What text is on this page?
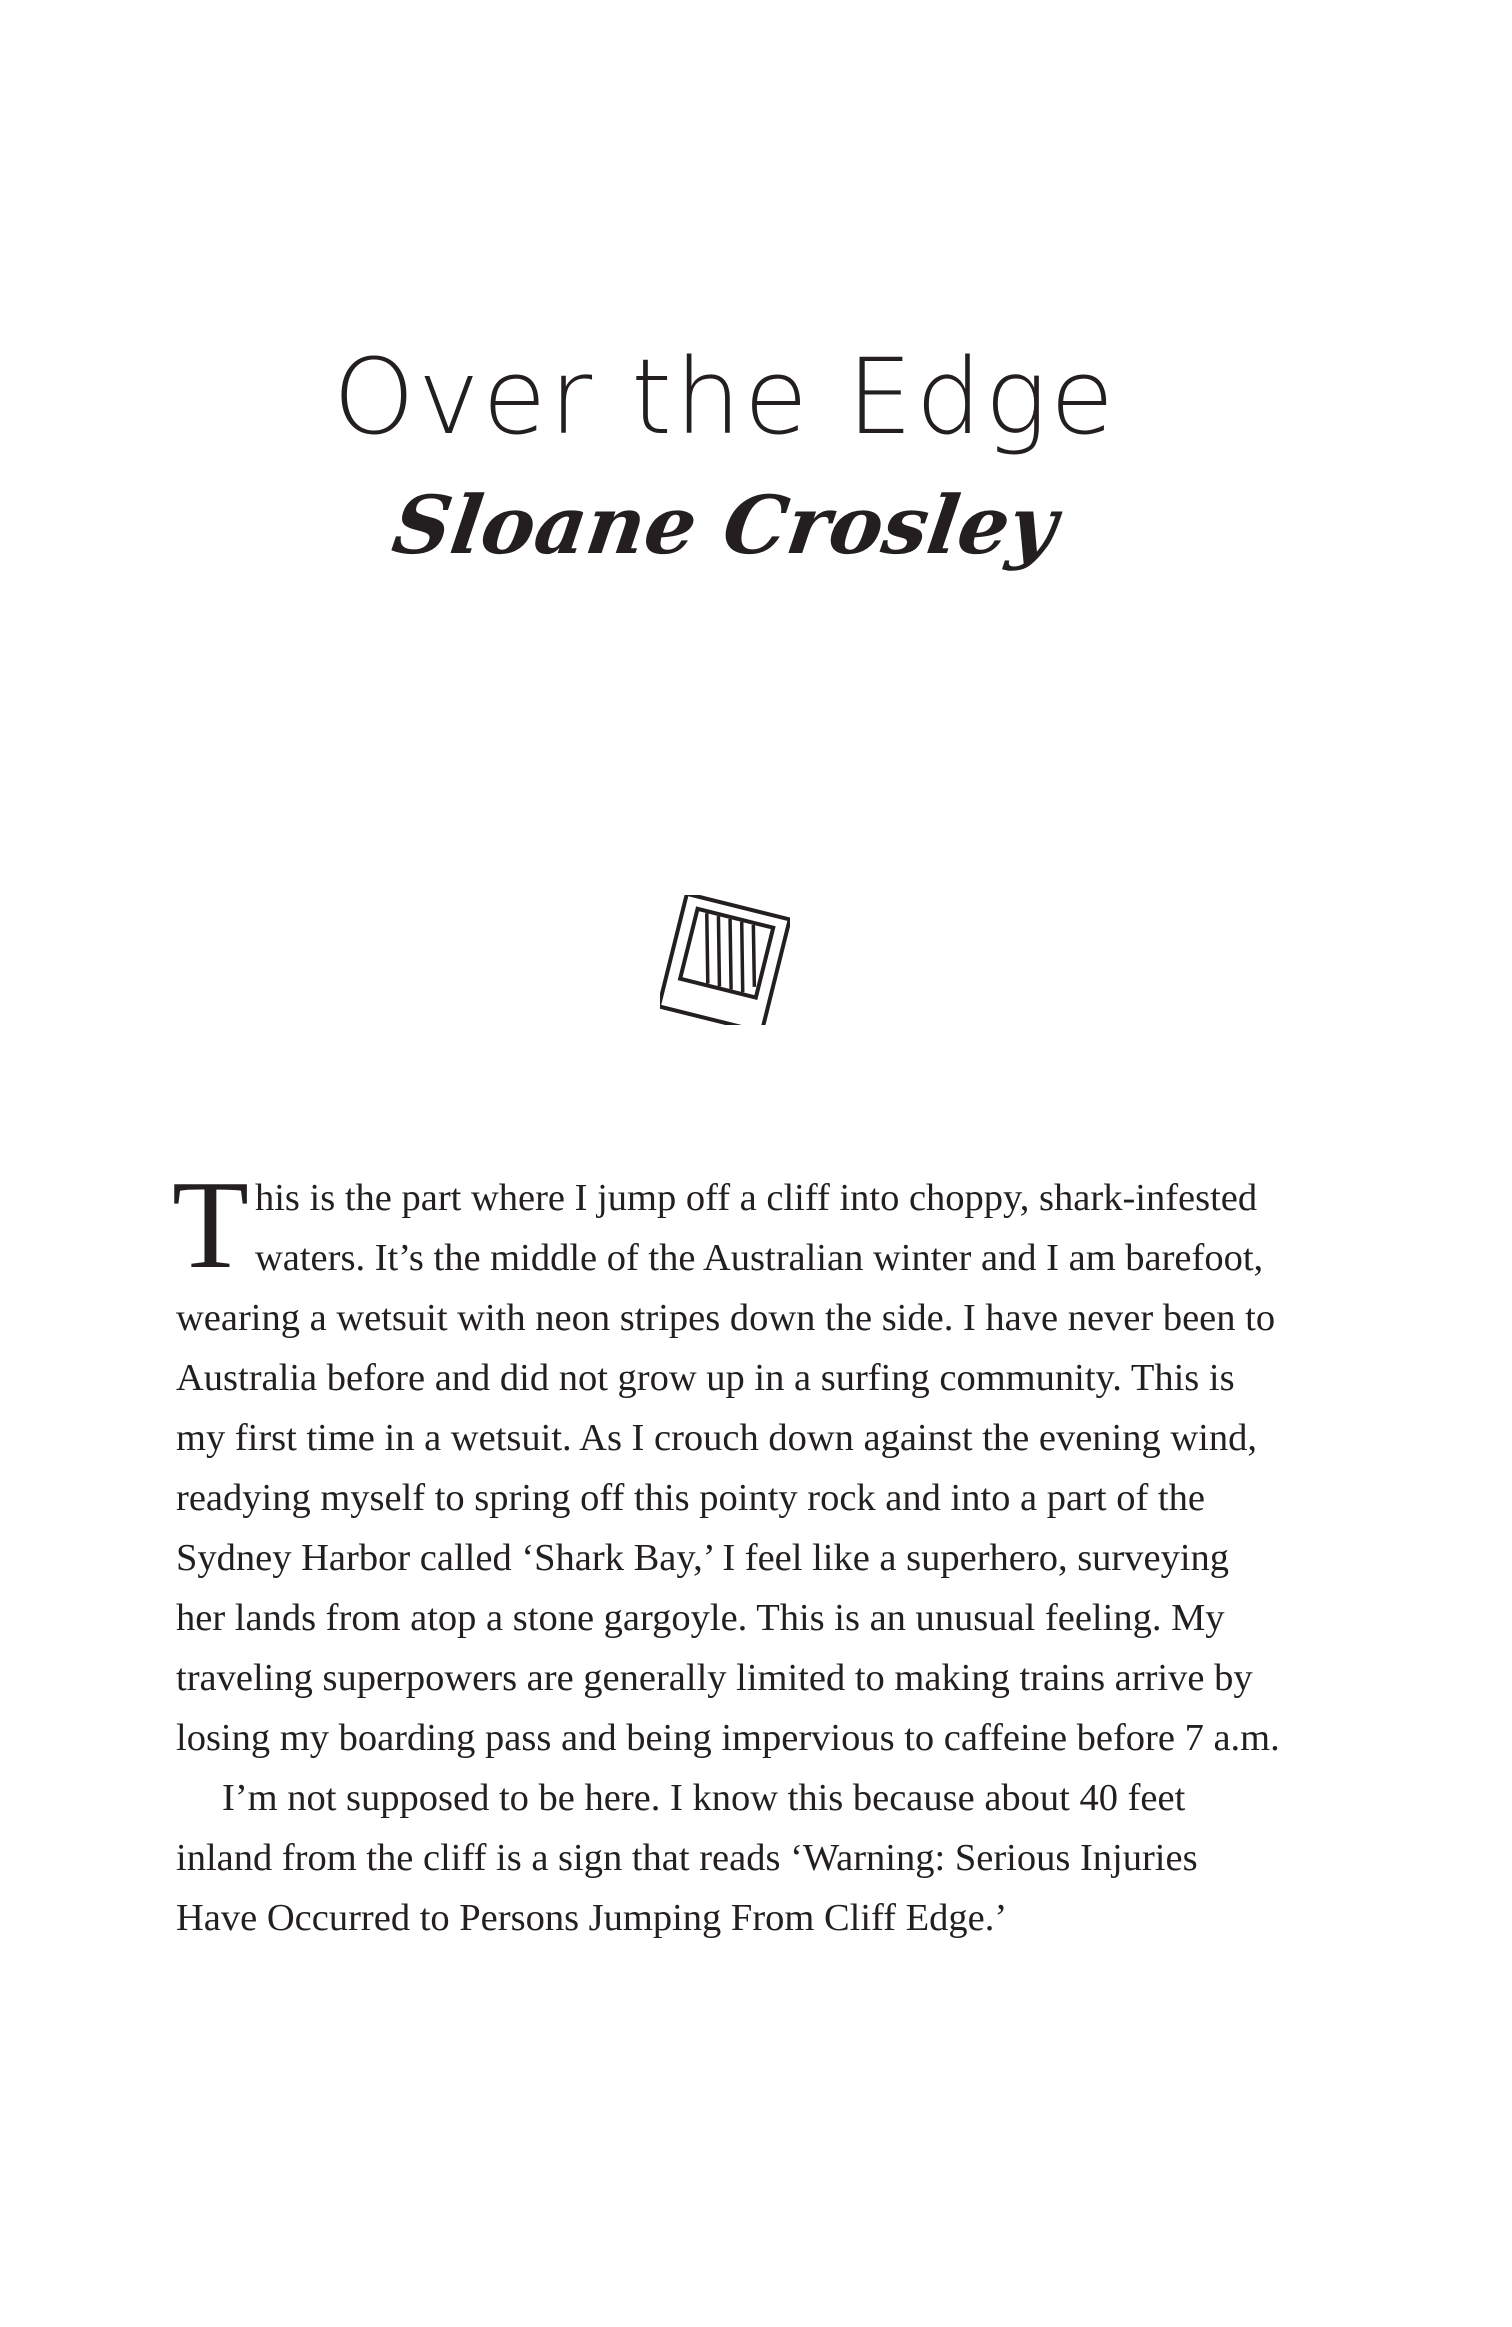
Over the Edge
Sloane Crosley

This is the part where I jump off a cliff into choppy, shark-infested waters. It’s the middle of the Australian winter and I am barefoot, wearing a wetsuit with neon stripes down the side. I have never been to Australia before and did not grow up in a surfing community. This is my first time in a wetsuit. As I crouch down against the evening wind, readying myself to spring off this pointy rock and into a part of the Sydney Harbor called ‘Shark Bay,’ I feel like a superhero, surveying her lands from atop a stone gargoyle. This is an unusual feeling. My traveling superpowers are generally limited to making trains arrive by losing my boarding pass and being impervious to caffeine before 7 a.m.

I’m not supposed to be here. I know this because about 40 feet inland from the cliff is a sign that reads ‘Warning: Serious Injuries Have Occurred to Persons Jumping From Cliff Edge.’
